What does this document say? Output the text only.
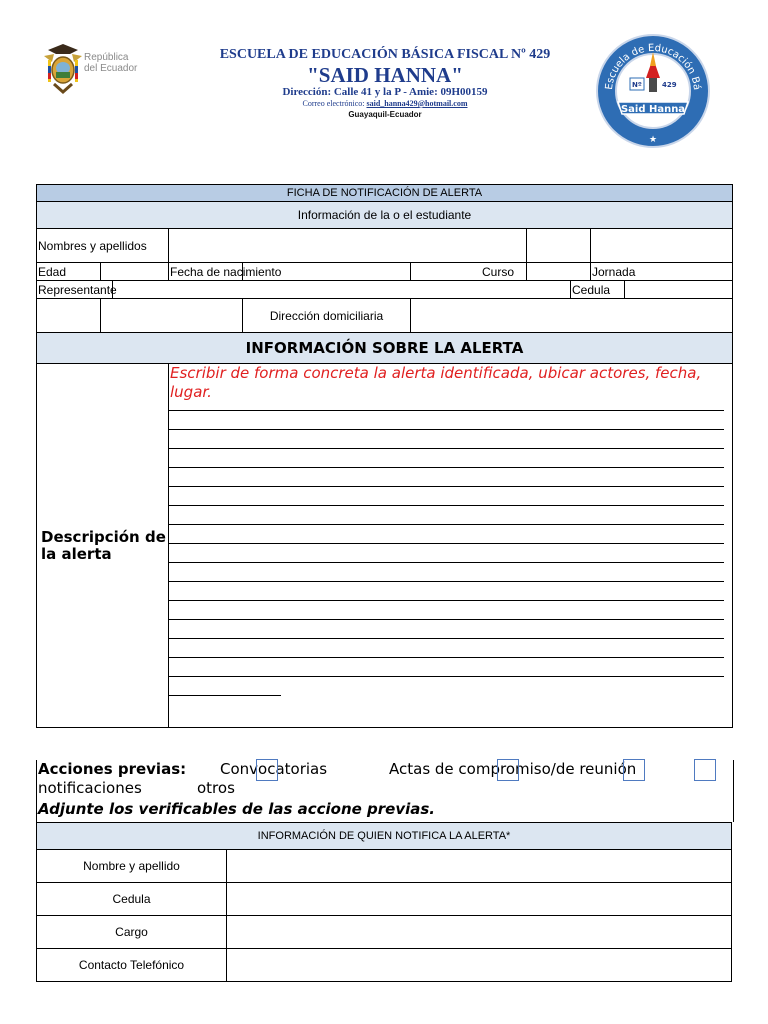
República
del Ecuador
ESCUELA DE EDUCACIÓN BÁSICA FISCAL Nº 429
"SAID HANNA"
Dirección: Calle 41 y la P - Amie: 09H00159
Correo electrónico: said_hanna429@hotmail.com
Guayaquil-Ecuador
Escuela de Educación Bá
Nº	429
Said Hanna
★
FICHA DE NOTIFICACIÓN DE ALERTA										
Información de la o el estudiante										
Nombres y apellidos										
Edad			Fecha de nacimiento		Curso			Jornada		
Representante							Cedula			
				Dirección domiciliaria						
INFORMACIÓN SOBRE LA ALERTA										

Descripción de la alerta			Escribir de forma concreta la alerta identificada, ubicar actores, fecha, lugar.							
Acciones previas: Convocatorias	Actas de compromiso/de reunión
notificaciones	otros
Adjunte los verificables de las accione previas.
INFORMACIÓN DE QUIEN NOTIFICA LA ALERTA*	
Nombre y apellido	
Cedula	
Cargo	
Contacto Telefónico	
